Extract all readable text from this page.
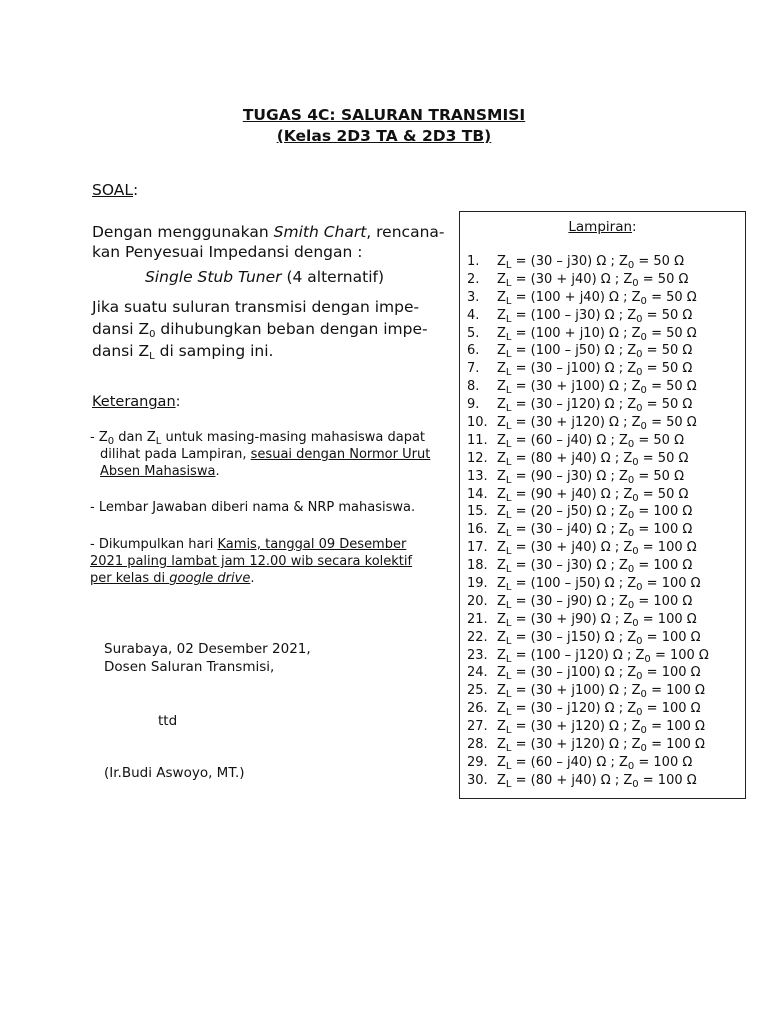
TUGAS 4C: SALURAN TRANSMISI
(Kelas 2D3 TA & 2D3 TB)
SOAL:
Dengan menggunakan Smith Chart, rencana-kan Penyesuai Impedansi dengan :
Single Stub Tuner (4 alternatif)
Jika suatu suluran transmisi dengan impe-dansi $Z_0$ dihubungkan beban dengan impe-dansi $Z_L$ di samping ini.
Keterangan:
- $Z_0$ dan $Z_L$ untuk masing-masing mahasiswa dapat
dilihat pada Lampiran, sesuai dengan Normor Urut
Absen Mahasiswa.
- Lembar Jawaban diberi nama & NRP mahasiswa.
- Dikumpulkan hari Kamis, tanggal 09 Desember
2021 paling lambat jam 12.00 wib secara kolektif
per kelas di google drive.
Surabaya, 02 Desember 2021,
Dosen Saluran Transmisi,
ttd
(Ir.Budi Aswoyo, MT.)
Lampiran:
1. $Z_L = (30 - j30)$ Ω ; $Z_0 = 50$ Ω
2. $Z_L = (30 + j40)$ Ω ; $Z_0 = 50$ Ω
3. $Z_L = (100 + j40)$ Ω ; $Z_0 = 50$ Ω
4. $Z_L = (100 - j30)$ Ω ; $Z_0 = 50$ Ω
5. $Z_L = (100 + j10)$ Ω ; $Z_0 = 50$ Ω
6. $Z_L = (100 - j50)$ Ω ; $Z_0 = 50$ Ω
7. $Z_L = (30 - j100)$ Ω ; $Z_0 = 50$ Ω
8. $Z_L = (30 + j100)$ Ω ; $Z_0 = 50$ Ω
9. $Z_L = (30 - j120)$ Ω ; $Z_0 = 50$ Ω
10. $Z_L = (30 + j120)$ Ω ; $Z_0 = 50$ Ω
11. $Z_L = (60 - j40)$ Ω ; $Z_0 = 50$ Ω
12. $Z_L = (80 + j40)$ Ω ; $Z_0 = 50$ Ω
13. $Z_L = (90 - j30)$ Ω ; $Z_0 = 50$ Ω
14. $Z_L = (90 + j40)$ Ω ; $Z_0 = 50$ Ω
15. $Z_L = (20 - j50)$ Ω ; $Z_0 = 100$ Ω
16. $Z_L = (30 - j40)$ Ω ; $Z_0 = 100$ Ω
17. $Z_L = (30 + j40)$ Ω ; $Z_0 = 100$ Ω
18. $Z_L = (30 - j30)$ Ω ; $Z_0 = 100$ Ω
19. $Z_L = (100 - j50)$ Ω ; $Z_0 = 100$ Ω
20. $Z_L = (30 - j90)$ Ω ; $Z_0 = 100$ Ω
21. $Z_L = (30 + j90)$ Ω ; $Z_0 = 100$ Ω
22. $Z_L = (30 - j150)$ Ω ; $Z_0 = 100$ Ω
23. $Z_L = (100 - j120)$ Ω ; $Z_0 = 100$ Ω
24. $Z_L = (30 - j100)$ Ω ; $Z_0 = 100$ Ω
25. $Z_L = (30 + j100)$ Ω ; $Z_0 = 100$ Ω
26. $Z_L = (30 - j120)$ Ω ; $Z_0 = 100$ Ω
27. $Z_L = (30 + j120)$ Ω ; $Z_0 = 100$ Ω
28. $Z_L = (30 + j120)$ Ω ; $Z_0 = 100$ Ω
29. $Z_L = (60 - j40)$ Ω ; $Z_0 = 100$ Ω
30. $Z_L = (80 + j40)$ Ω ; $Z_0 = 100$ Ω
